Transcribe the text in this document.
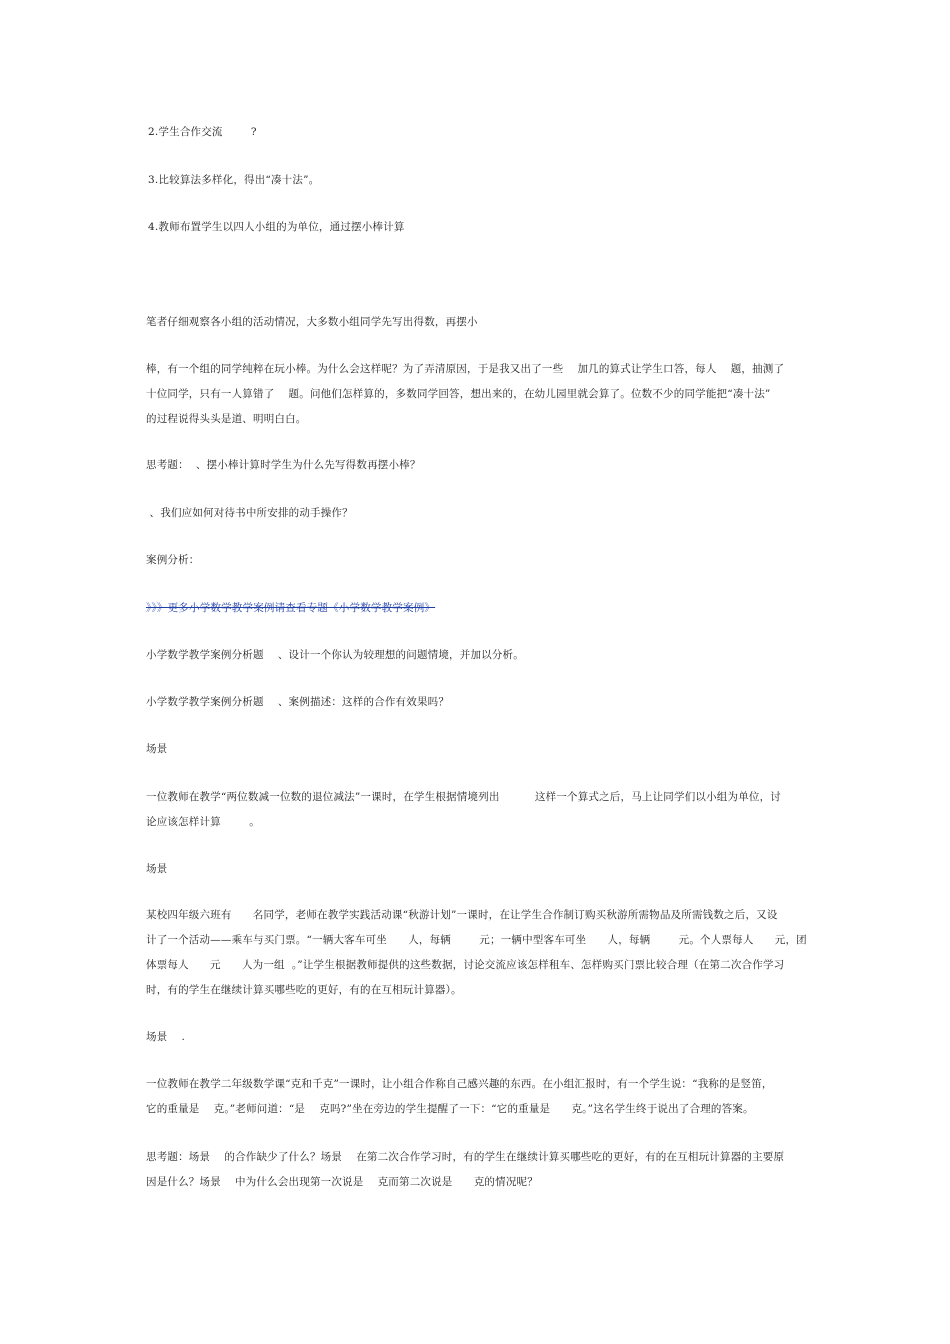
2.学生合作交流        ?

3.比较算法多样化，得出“凑十法”。

4.教师布置学生以四人小组的为单位，通过摆小棒计算

笔者仔细观察各小组的活动情况，大多数小组同学先写出得数，再摆小

棒，有一个组的同学纯粹在玩小棒。为什么会这样呢？为了弄清原因，于是我又出了一些    加几的算式让学生口答，每人    题，抽测了

十位同学，只有一人算错了    题。问他们怎样算的，多数同学回答，想出来的，在幼儿园里就会算了。位数不少的同学能把“凑十法”

的过程说得头头是道、明明白白。

思考题：  、摆小棒计算时学生为什么先写得数再摆小棒？

、我们应如何对待书中所安排的动手操作？

案例分析：

》》》更多小学数学教学案例请查看专题《小学数学教学案例》

小学数学教学案例分析题    、设计一个你认为较理想的问题情境，并加以分析。

小学数学教学案例分析题    、案例描述：这样的合作有效果吗？

场景

一位教师在教学“两位数减一位数的退位减法”一课时，在学生根据情境列出          这样一个算式之后，马上让同学们以小组为单位，讨

论应该怎样计算        。

场景

某校四年级六班有      名同学，老师在教学实践活动课“秋游计划”一课时，在让学生合作制订购买秋游所需物品及所需钱数之后，又设

计了一个活动——乘车与买门票。“一辆大客车可坐      人，每辆        元；一辆中型客车可坐      人，每辆        元。个人票每人      元，团

体票每人      元      人为一组  。”让学生根据教师提供的这些数据，讨论交流应该怎样租车、怎样购买门票比较合理（在第二次合作学习

时，有的学生在继续计算买哪些吃的更好，有的在互相玩计算器）。

场景    .

一位教师在教学二年级数学课“克和千克”一课时，让小组合作称自己感兴趣的东西。在小组汇报时，有一个学生说：“我称的是竖笛，

它的重量是    克。”老师问道：“是    克吗?”坐在旁边的学生提醒了一下：“它的重量是      克。”这名学生终于说出了合理的答案。

思考题：场景    的合作缺少了什么？场景    在第二次合作学习时，有的学生在继续计算买哪些吃的更好，有的在互相玩计算器的主要原

因是什么？场景    中为什么会出现第一次说是    克而第二次说是      克的情况呢？
